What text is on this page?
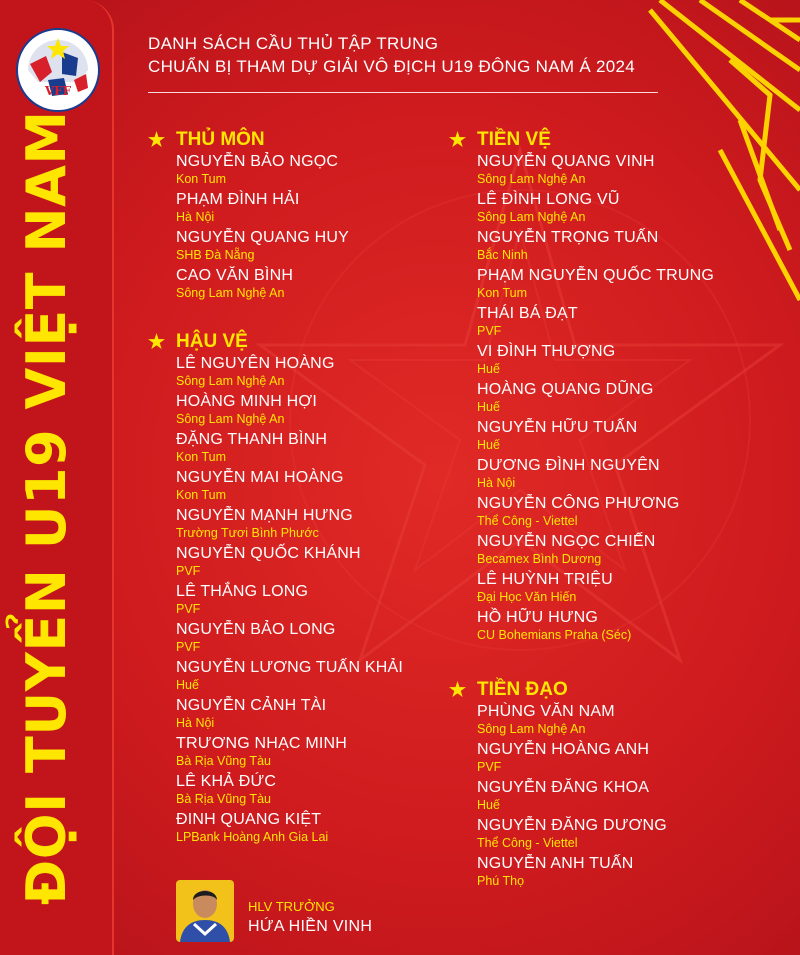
VFF
ĐỘI TUYỂN U19 VIỆT NAM
DANH SÁCH CẦU THỦ TẬP TRUNG
CHUẨN BỊ THAM DỰ GIẢI VÔ ĐỊCH U19 ĐÔNG NAM Á 2024
★ THỦ MÔN
NGUYỄN BẢO NGỌC
Kon Tum
PHẠM ĐÌNH HẢI
Hà Nội
NGUYỄN QUANG HUY
SHB Đà Nẵng
CAO VĂN BÌNH
Sông Lam Nghệ An
★ HẬU VỆ
LÊ NGUYÊN HOÀNG
Sông Lam Nghệ An
HOÀNG MINH HỢI
Sông Lam Nghệ An
ĐẶNG THANH BÌNH
Kon Tum
NGUYỄN MAI HOÀNG
Kon Tum
NGUYỄN MẠNH HƯNG
Trường Tươi Bình Phước
NGUYỄN QUỐC KHÁNH
PVF
LÊ THẮNG LONG
PVF
NGUYỄN BẢO LONG
PVF
NGUYỄN LƯƠNG TUẤN KHẢI
Huế
NGUYỄN CẢNH TÀI
Hà Nội
TRƯƠNG NHẠC MINH
Bà Rịa Vũng Tàu
LÊ KHẢ ĐỨC
Bà Rịa Vũng Tàu
ĐINH QUANG KIỆT
LPBank Hoàng Anh Gia Lai
★ TIỀN VỆ
NGUYỄN QUANG VINH
Sông Lam Nghệ An
LÊ ĐÌNH LONG VŨ
Sông Lam Nghệ An
NGUYỄN TRỌNG TUẤN
Bắc Ninh
PHẠM NGUYỄN QUỐC TRUNG
Kon Tum
THÁI BÁ ĐẠT
PVF
VI ĐÌNH THƯỢNG
Huế
HOÀNG QUANG DŨNG
Huế
NGUYỄN HỮU TUẤN
Huế
DƯƠNG ĐÌNH NGUYÊN
Hà Nội
NGUYỄN CÔNG PHƯƠNG
Thể Công - Viettel
NGUYỄN NGỌC CHIẾN
Becamex Bình Dương
LÊ HUỲNH TRIỆU
Đại Học Văn Hiến
HỒ HỮU HƯNG
CU Bohemians Praha (Séc)
★ TIỀN ĐẠO
PHÙNG VĂN NAM
Sông Lam Nghệ An
NGUYỄN HOÀNG ANH
PVF
NGUYỄN ĐĂNG KHOA
Huế
NGUYỄN ĐĂNG DƯƠNG
Thể Công - Viettel
NGUYỄN ANH TUẤN
Phú Thọ
HLV TRƯỞNG
HỨA HIỀN VINH
